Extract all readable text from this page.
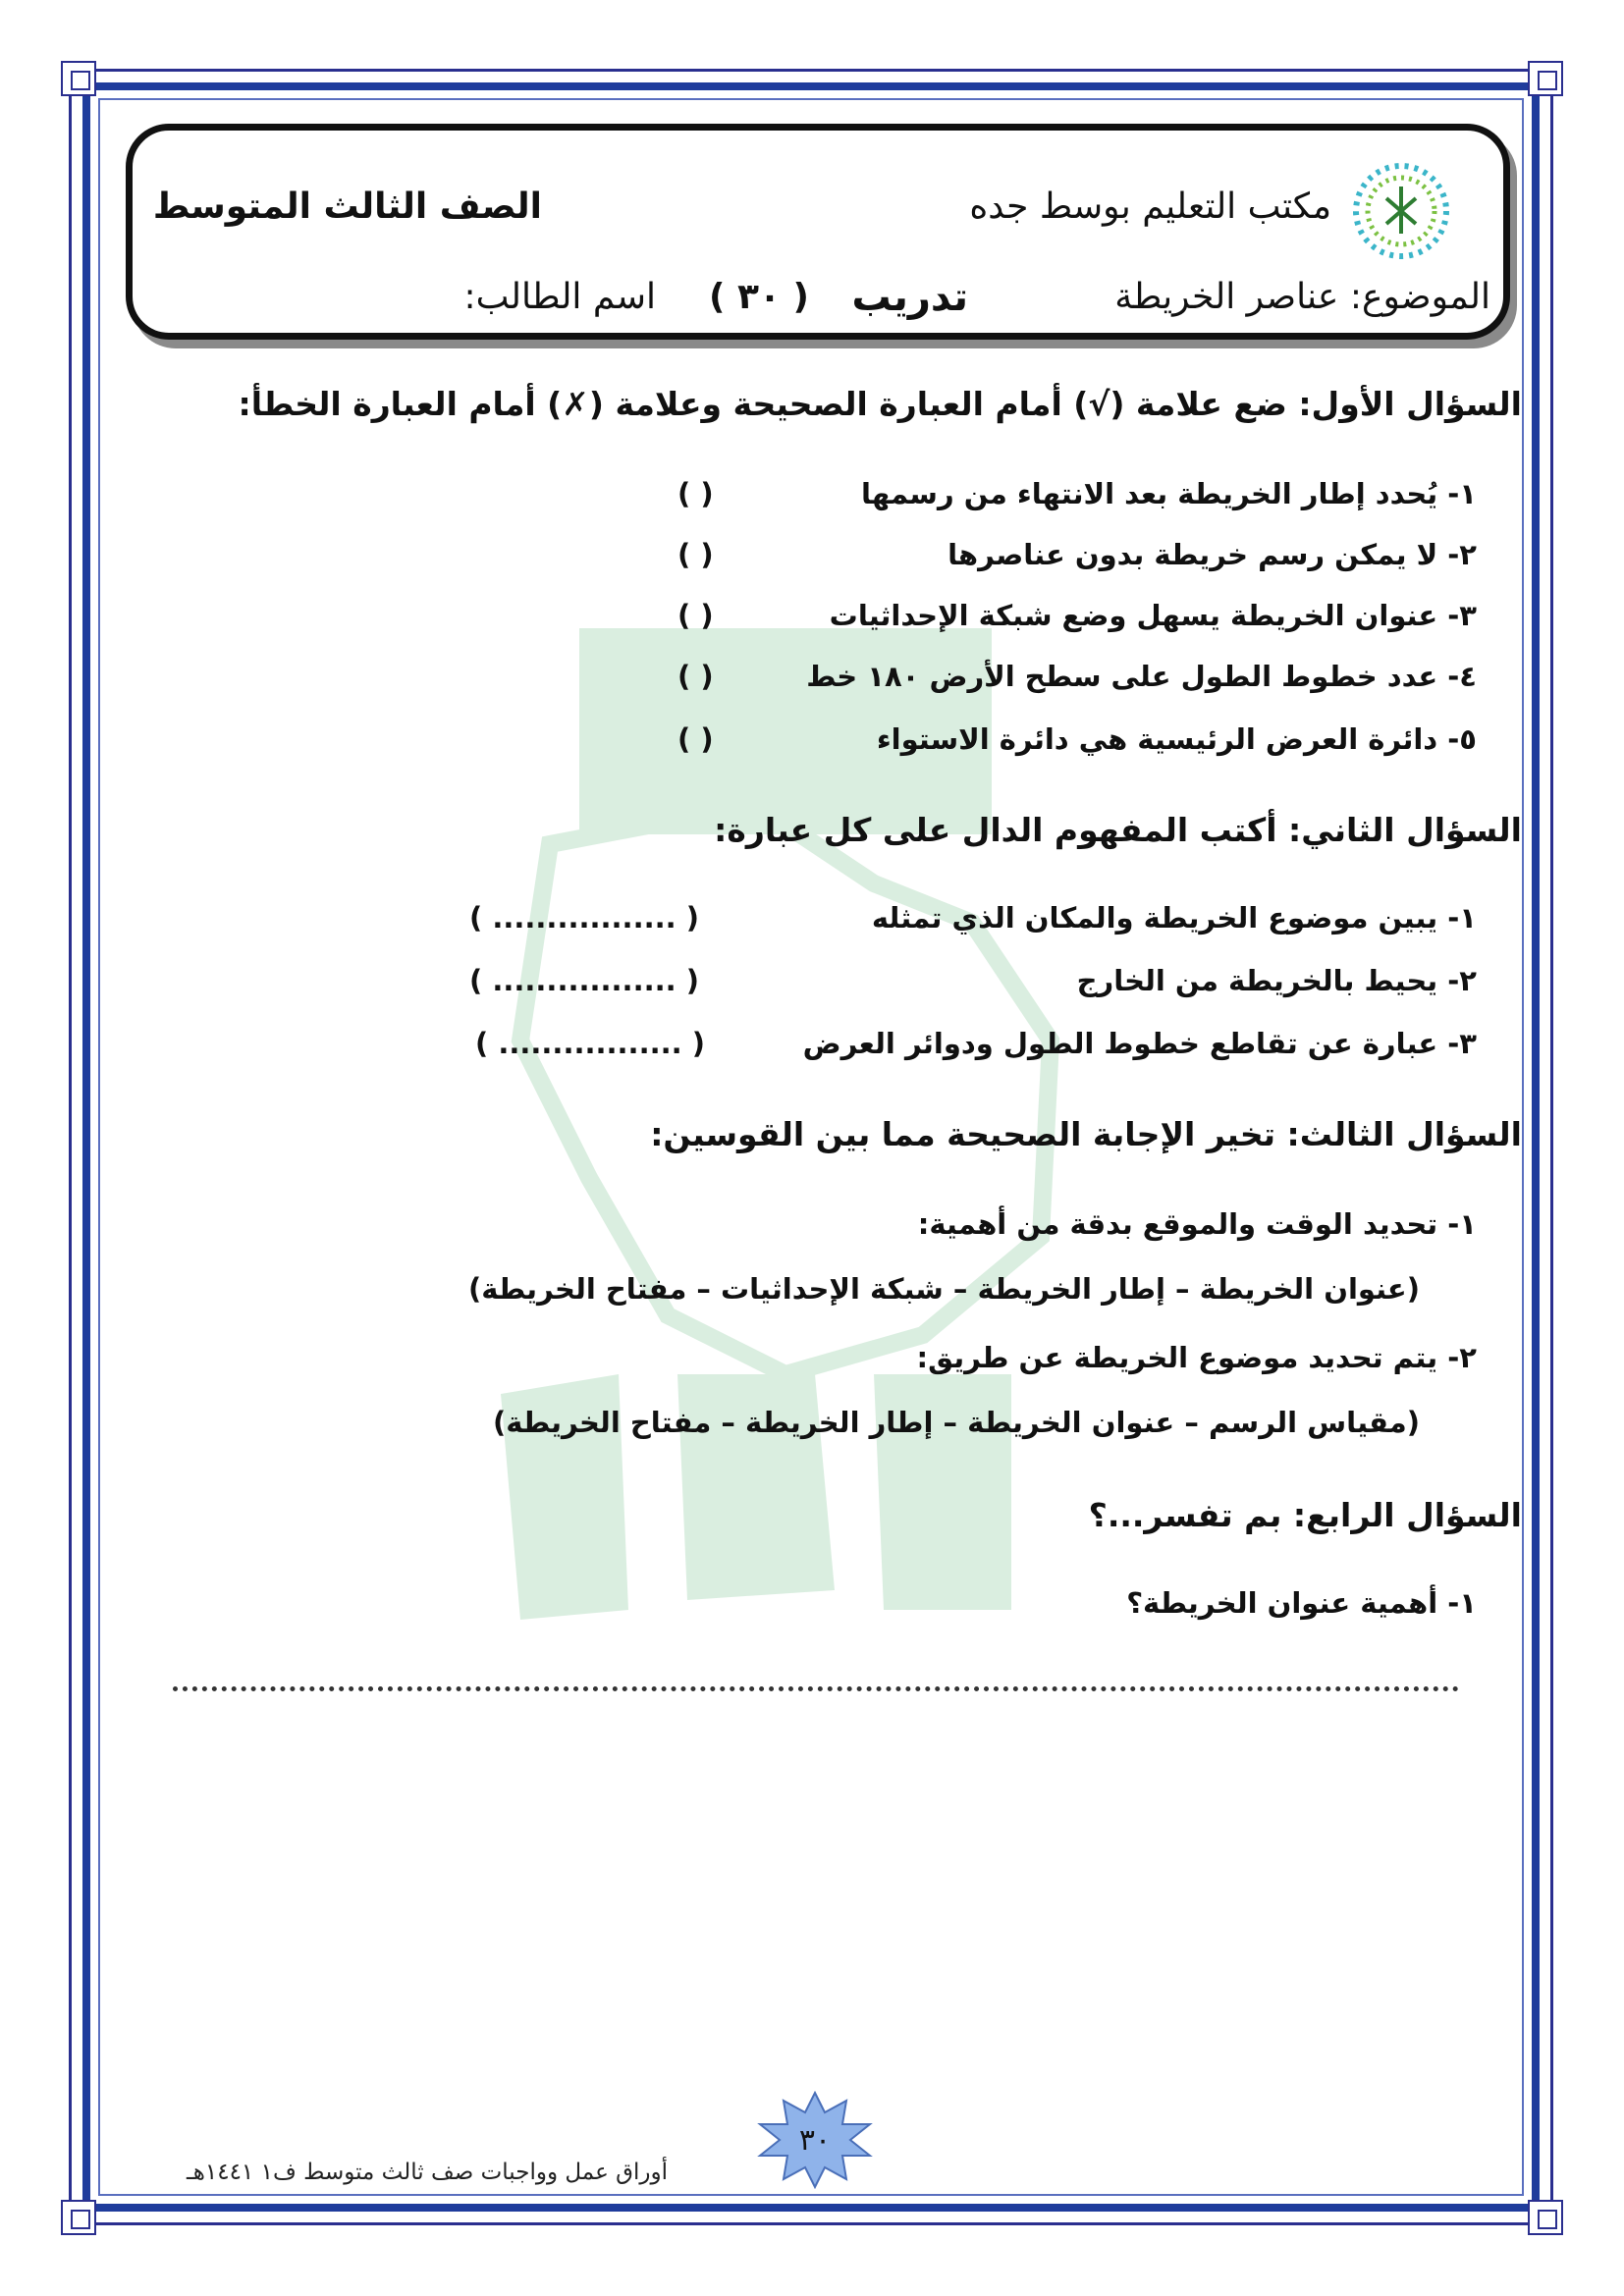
مكتب التعليم بوسط جده
الصف الثالث المتوسط
الموضوع: عناصر الخريطة
تدريب
( ٣٠ )
اسم الطالب:
السؤال الأول: ضع علامة (√) أمام العبارة الصحيحة وعلامة (✗) أمام العبارة الخطأ:
١- يُحدد إطار الخريطة بعد الانتهاء من رسمها
( )
٢- لا يمكن رسم خريطة بدون عناصرها
( )
٣- عنوان الخريطة يسهل وضع شبكة الإحداثيات
( )
٤- عدد خطوط الطول على سطح الأرض ١٨٠ خط
( )
٥- دائرة العرض الرئيسية هي دائرة الاستواء
( )
السؤال الثاني: أكتب المفهوم الدال على كل عبارة:
١- يبين موضوع الخريطة والمكان الذي تمثله
( ................. )
٢- يحيط بالخريطة من الخارج
( ................. )
٣- عبارة عن تقاطع خطوط الطول ودوائر العرض
( ................. )
السؤال الثالث: تخير الإجابة الصحيحة مما بين القوسين:
١- تحديد الوقت والموقع بدقة من أهمية:
(عنوان الخريطة – إطار الخريطة – شبكة الإحداثيات – مفتاح الخريطة)
٢- يتم تحديد موضوع الخريطة عن طريق:
(مقياس الرسم – عنوان الخريطة – إطار الخريطة – مفتاح الخريطة)
السؤال الرابع: بم تفسر...؟
١- أهمية عنوان الخريطة؟
٣٠
أوراق عمل وواجبات صف ثالث متوسط ف١ ١٤٤١هـ
